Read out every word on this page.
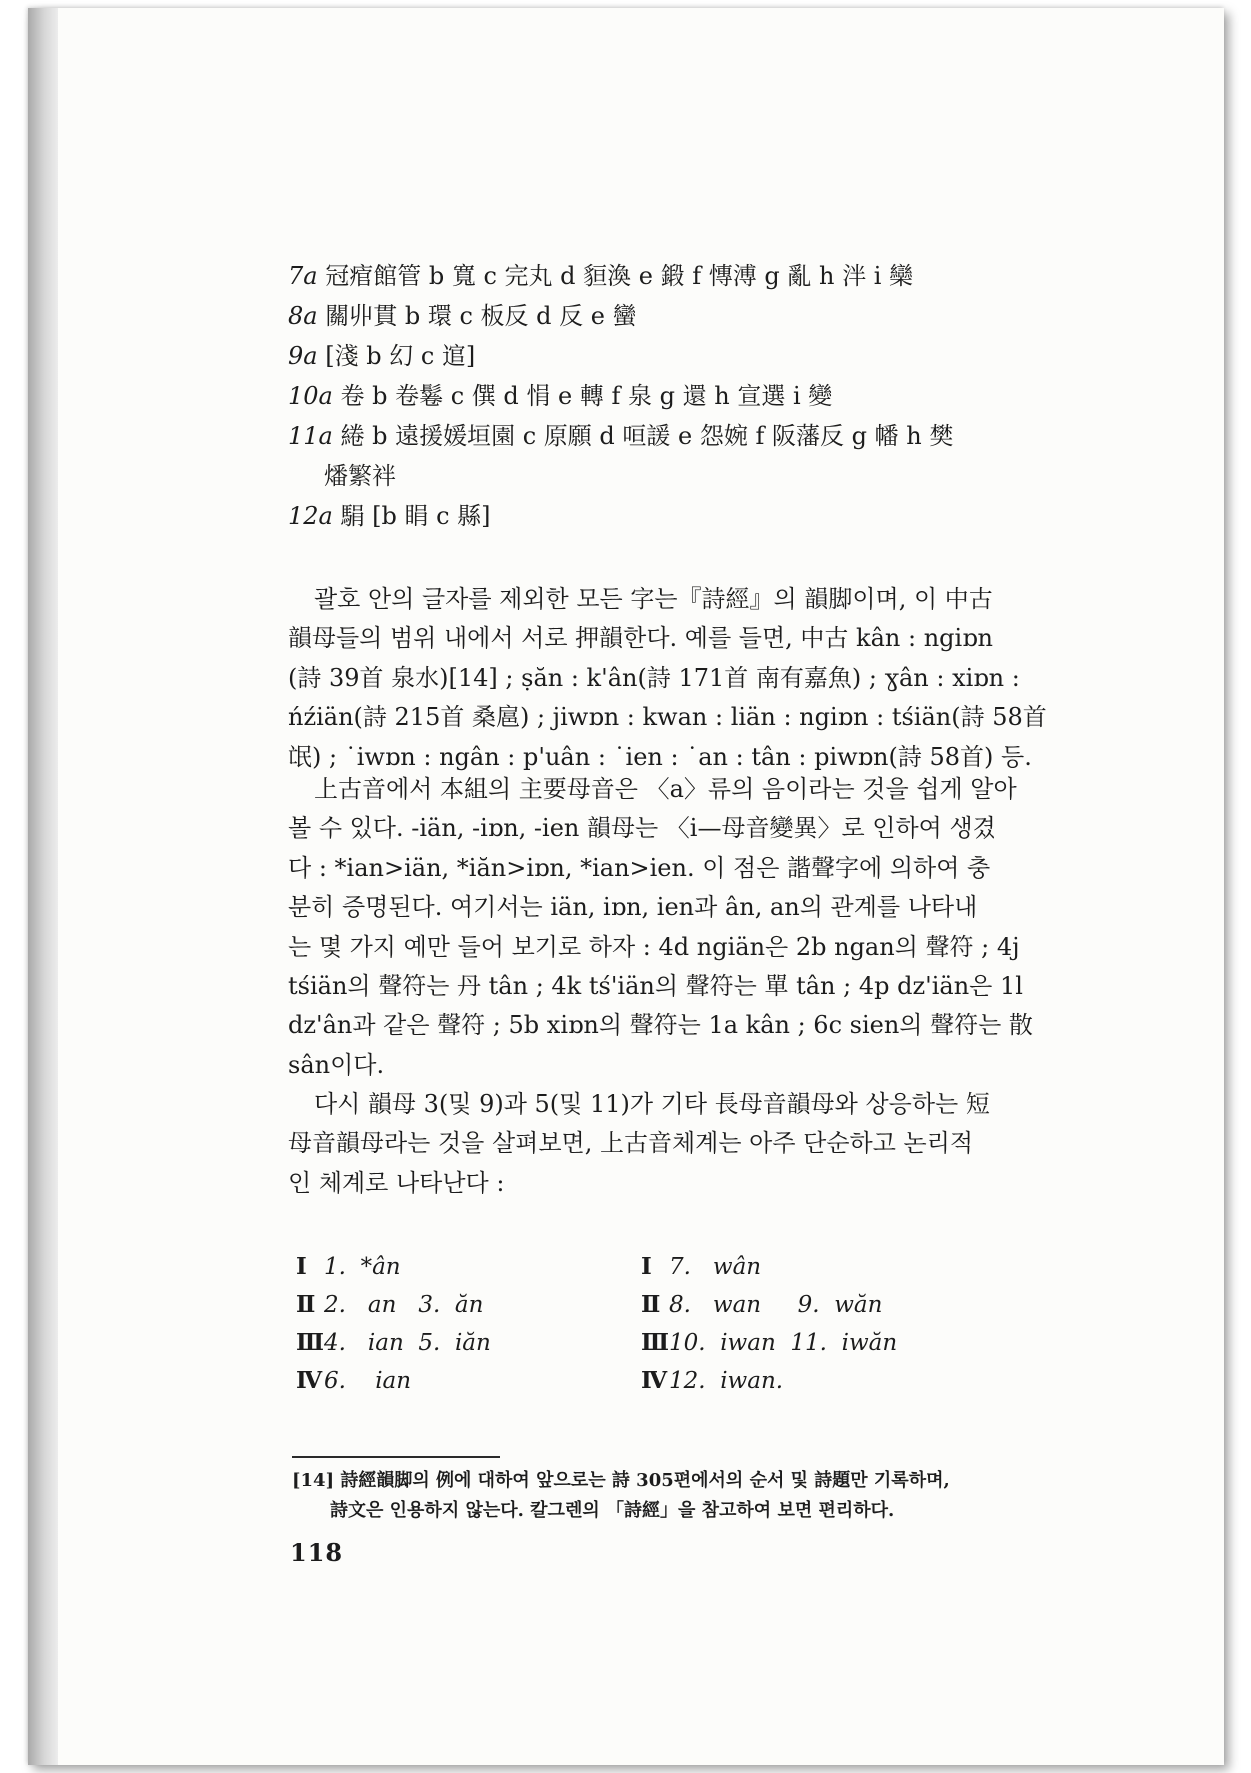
7a 冠痯館管 b 寬 c 完丸 d 貆渙 e 鍛 f 慱溥 g 亂 h 泮 i 欒
8a 關丱貫 b 環 c 板反 d 反 e 蠻
9a [淺 b 幻 c 逭]
10a 卷 b 卷鬈 c 僎 d 悁 e 轉 f 泉 g 還 h 宣選 i 變
11a 綣 b 遠援媛垣園 c 原願 d 咺諼 e 怨婉 f 阪藩反 g 幡 h 樊
燔繁袢
12a 駽 [b 睊 c 縣]
괄호 안의 글자를 제외한 모든 字는『詩經』의 韻脚이며, 이 中古
韻母들의 범위 내에서 서로 押韻한다. 예를 들면, 中古 kân : ngiɒn
(詩 39首 泉水)[14] ; ṣăn : k'ân(詩 171首 南有嘉魚) ; ɣân : xiɒn :
ńźiän(詩 215首 桑扈) ; jiwɒn : kwan : liän : ngiɒn : tśiän(詩 58首
氓) ; ˙iwɒn : ngân : p'uân : ˙ien : ˙an : tân : piwɒn(詩 58首) 등.
上古音에서 本組의 主要母音은 〈a〉류의 음이라는 것을 쉽게 알아
볼 수 있다. -iän, -iɒn, -ien 韻母는 〈i—母音變異〉로 인하여 생겼
다 : *ian>iän, *iăn>iɒn, *ian>ien. 이 점은 諧聲字에 의하여 충
분히 증명된다. 여기서는 iän, iɒn, ien과 ân, an의 관계를 나타내
는 몇 가지 예만 들어 보기로 하자 : 4d ngiän은 2b ngan의 聲符 ; 4j
tśiän의 聲符는 丹 tân ; 4k tś'iän의 聲符는 單 tân ; 4p dz'iän은 1l
dz'ân과 같은 聲符 ; 5b xiɒn의 聲符는 1a kân ; 6c sien의 聲符는 散
sân이다.
다시 韻母 3(및 9)과 5(및 11)가 기타 長母音韻母와 상응하는 短
母音韻母라는 것을 살펴보면, 上古音체계는 아주 단순하고 논리적
인 체계로 나타난다 :
Ⅰ 1.  *ân	Ⅰ 7.   wân
Ⅱ 2.   an   3.  ăn	Ⅱ 8.   wan     9.  wăn
Ⅲ4.   ian  5.  iăn	Ⅲ10.  iwan  11.  iwăn
Ⅳ6.    ian	Ⅳ12.  iwan.
[14] 詩經韻脚의 例에 대하여 앞으로는 詩 305편에서의 순서 및 詩題만 기록하며,
詩文은 인용하지 않는다. 칼그렌의 「詩經」을 참고하여 보면 편리하다.
118
